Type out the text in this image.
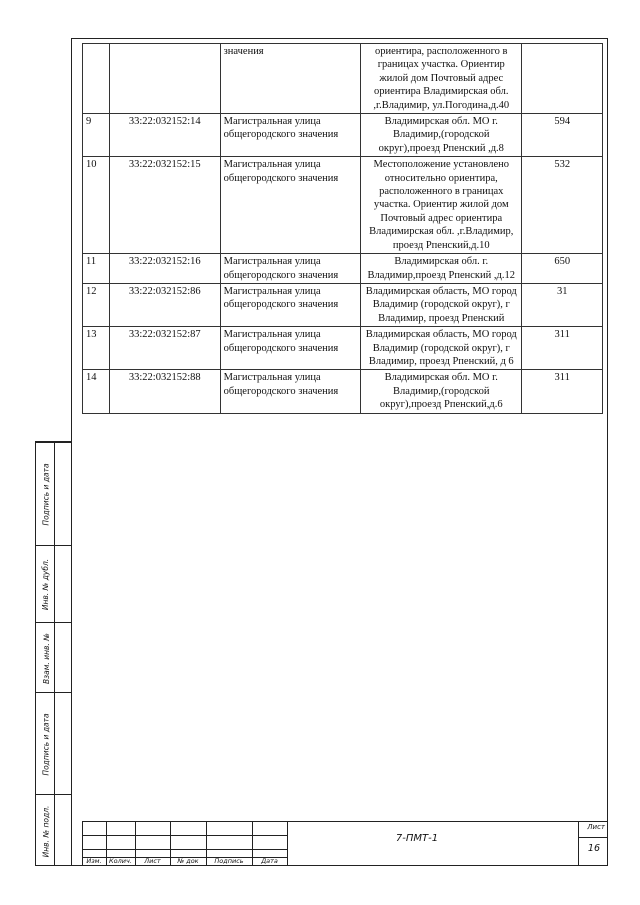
Подпись и дата
Инв. № дубл.
Взам. инв. №
Подпись и дата
Инв. № подл.
		значения	ориентира, расположенного в границах участка. Ориентир жилой дом Почтовый адрес ориентира Владимирская обл. ,г.Владимир, ул.Погодина,д.40	
9	33:22:032152:14	Магистральная улица общегородского значения	Владимирская обл. МО г. Владимир,(городской округ),проезд Рпенский ,д.8	594
10	33:22:032152:15	Магистральная улица общегородского значения	Местоположение установлено относительно ориентира, расположенного в границах участка. Ориентир жилой дом Почтовый адрес ориентира Владимирская обл. ,г.Владимир, проезд Рпенский,д.10	532
11	33:22:032152:16	Магистральная улица общегородского значения	Владимирская обл. г. Владимир,проезд Рпенский ,д.12	650
12	33:22:032152:86	Магистральная улица общегородского значения	Владимирская область, МО город Владимир (городской округ), г Владимир, проезд Рпенский	31
13	33:22:032152:87	Магистральная улица общегородского значения	Владимирская область, МО город Владимир (городской округ), г Владимир, проезд Рпенский, д 6	311
14	33:22:032152:88	Магистральная улица общегородского значения	Владимирская обл. МО г. Владимир,(городской округ),проезд Рпенский,д.6	311
Изм.	Колич.	Лист	№ док	Подпись	Дата
7-ПМТ-1
Лист
16
